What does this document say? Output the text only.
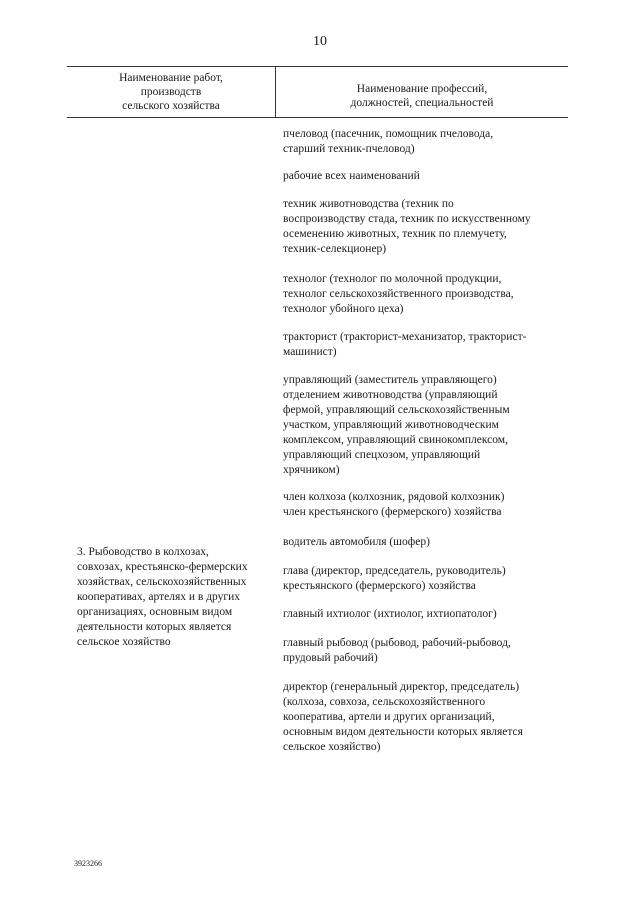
10
Наименование работ,
производств
сельского хозяйства
Наименование профессий,
должностей, специальностей
3. Рыбоводство в колхозах,
совхозах, крестьянско-фермерских
хозяйствах, сельскохозяйственных
кооперативах, артелях и в других
организациях, основным видом
деятельности которых является
сельское хозяйство

пчеловод (пасечник, помощник пчеловода,

старший техник-пчеловод)

рабочие всех наименований

техник животноводства (техник по

воспроизводству стада, техник по искусственному

осеменению животных, техник по племучету,

техник-селекционер)

технолог (технолог по молочной продукции,

технолог сельскохозяйственного производства,

технолог убойного цеха)

тракторист (тракторист-механизатор, тракторист-

машинист)

управляющий (заместитель управляющего)

отделением животноводства (управляющий

фермой, управляющий сельскохозяйственным

участком, управляющий животноводческим

комплексом, управляющий свинокомплексом,

управляющий спецхозом, управляющий

хрячником)

член колхоза (колхозник, рядовой колхозник)

член крестьянского (фермерского) хозяйства

водитель автомобиля (шофер)

глава (директор, председатель, руководитель)

крестьянского (фермерского) хозяйства

главный ихтиолог (ихтиолог, ихтиопатолог)

главный рыбовод (рыбовод, рабочий-рыбовод,

прудовый рабочий)

директор (генеральный директор, председатель)

(колхоза, совхоза, сельскохозяйственного

кооператива, артели и других организаций,

основным видом деятельности которых является

сельское хозяйство)

3923266
